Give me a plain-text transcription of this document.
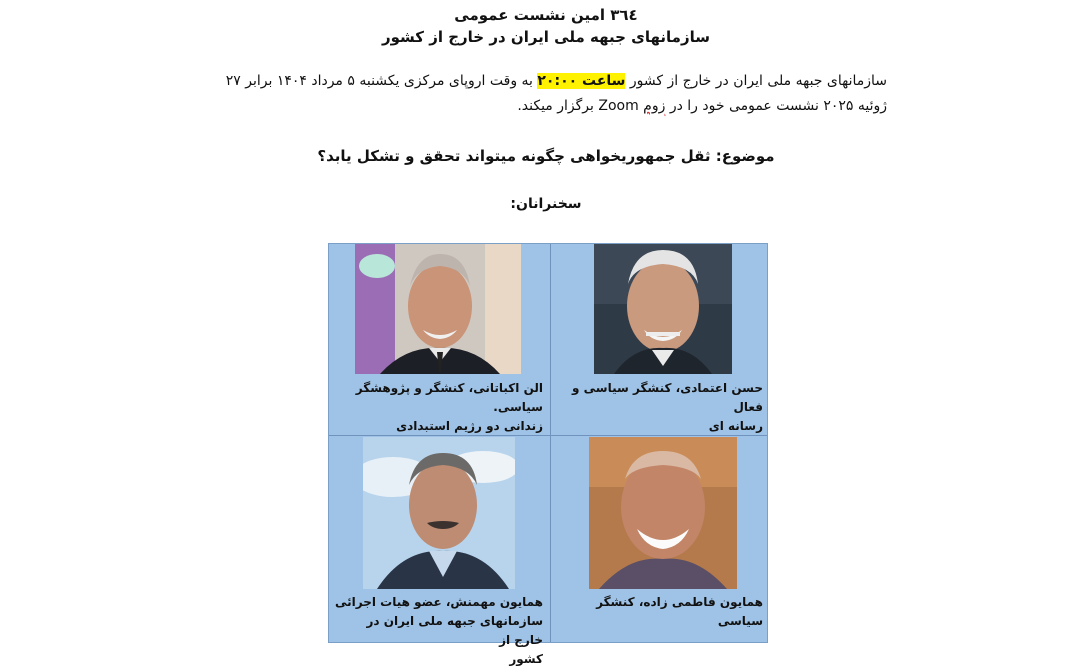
٣٦٤ امین نشست عمومی
سازمانهای جبهه ملی ایران در خارج از کشور
سازمانهای جبهه ملی ایران در خارج از کشور ساعت ۲۰:۰۰ به وقت اروپای مرکزی یکشنبه ۵ مرداد ۱۴۰۴ برابر ۲۷
ژوئیه ۲۰۲۵ نشست عمومی خود را در زوم Zoom برگزار میکند.
موضوع: ثقل جمهوریخواهی چگونه میتواند تحقق و تشکل یابد؟
سخنرانان:
حسن اعتمادی، کنشگر سیاسی و فعال
رسانه ای
الن اکباتانی، کنشگر و پژوهشگر سیاسی.
زندانی دو رژیم استبدادی
همایون فاطمی زاده، کنشگر سیاسی
همایون مهمنش، عضو هیات اجرائی
سازمانهای جبهه ملی ایران در خارج از
کشور
